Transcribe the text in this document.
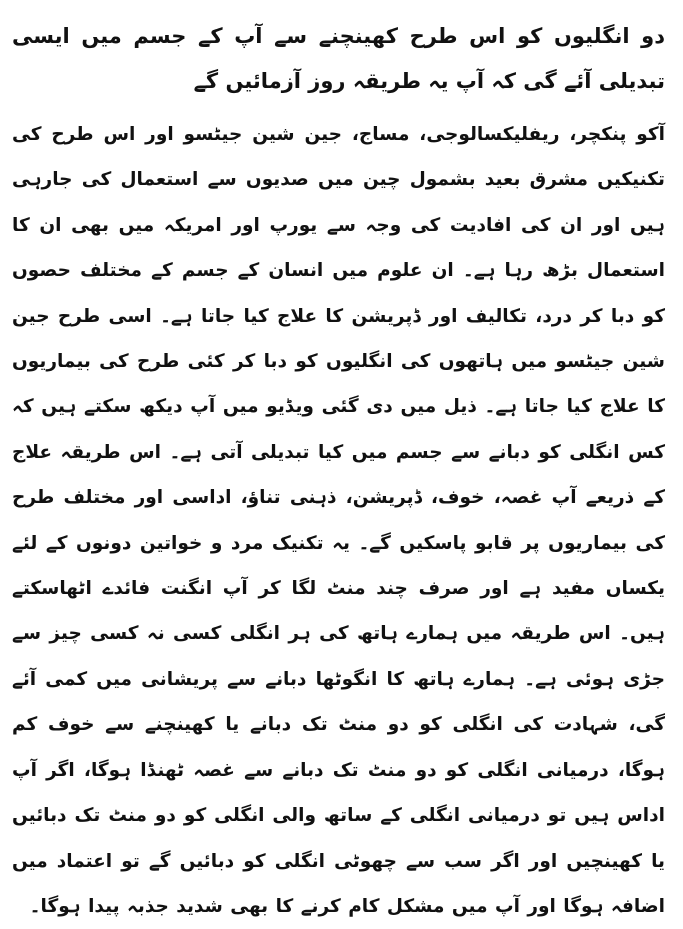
دو انگلیوں کو اس طرح کھینچنے سے آپ کے جسم میں ایسی تبدیلی آئے گی کہ آپ یہ طریقہ روز آزمائیں گے

آکو پنکچر، ریفلیکسالوجی، مساج، جین شین جیٹسو اور اس طرح کی تکنیکیں مشرق بعید بشمول چین میں صدیوں سے استعمال کی جارہی ہیں اور ان کی افادیت کی وجہ سے یورپ اور امریکہ میں بھی ان کا استعمال بڑھ رہا ہے۔ ان علوم میں انسان کے جسم کے مختلف حصوں کو دبا کر درد، تکالیف اور ڈپریشن کا علاج کیا جاتا ہے۔ اسی طرح جین شین جیٹسو میں ہاتھوں کی انگلیوں کو دبا کر کئی طرح کی بیماریوں کا علاج کیا جاتا ہے۔ ذیل میں دی گئی ویڈیو میں آپ دیکھ سکتے ہیں کہ کس انگلی کو دبانے سے جسم میں کیا تبدیلی آتی ہے۔ اس طریقہ علاج کے ذریعے آپ غصہ، خوف، ڈپریشن، ذہنی تناؤ، اداسی اور مختلف طرح کی بیماریوں پر قابو پاسکیں گے۔ یہ تکنیک مرد و خواتین دونوں کے لئے یکساں مفید ہے اور صرف چند منٹ لگا کر آپ انگنت فائدے اٹھاسکتے ہیں۔ اس طریقہ میں ہمارے ہاتھ کی ہر انگلی کسی نہ کسی چیز سے جڑی ہوئی ہے۔ ہمارے ہاتھ کا انگوٹھا دبانے سے پریشانی میں کمی آئے گی، شہادت کی انگلی کو دو منٹ تک دبانے یا کھینچنے سے خوف کم ہوگا، درمیانی انگلی کو دو منٹ تک دبانے سے غصہ ٹھنڈا ہوگا، اگر آپ اداس ہیں تو درمیانی انگلی کے ساتھ والی انگلی کو دو منٹ تک دبائیں یا کھینچیں اور اگر سب سے چھوٹی انگلی کو دبائیں گے تو اعتماد میں اضافہ ہوگا اور آپ میں مشکل کام کرنے کا بھی شدید جذبہ پیدا ہوگا۔
